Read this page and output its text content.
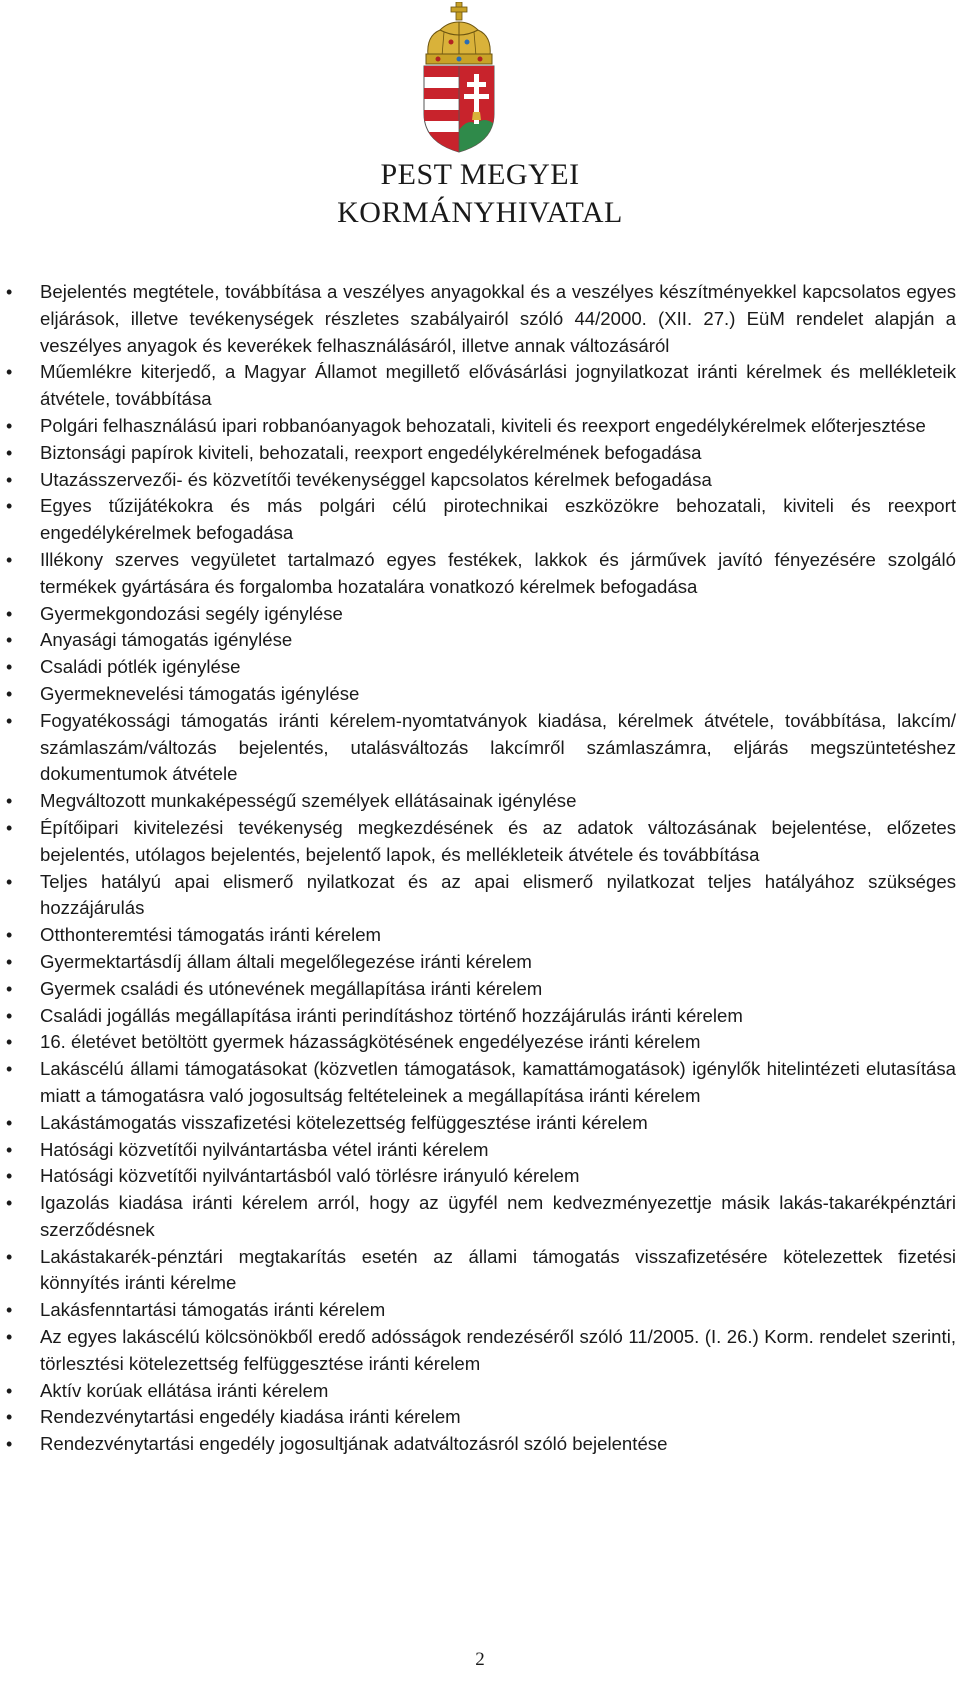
PEST MEGYEI
KORMÁNYHIVATAL
• Bejelentés megtétele, továbbítása a veszélyes anyagokkal és a veszélyes készítményekkel kapcsolatos egyes eljárások, illetve tevékenységek részletes szabályairól szóló 44/2000. (XII. 27.) EüM rendelet alapján a veszélyes anyagok és keverékek felhasználásáról, illetve annak változásáról
• Műemlékre kiterjedő, a Magyar Államot megillető elővásárlási jognyilatkozat iránti kérelmek és mellékleteik átvétele, továbbítása
• Polgári felhasználású ipari robbanóanyagok behozatali, kiviteli és reexport engedélykérelmek előterjesztése
• Biztonsági papírok kiviteli, behozatali, reexport engedélykérelmének befogadása
• Utazásszervezői- és közvetítői tevékenységgel kapcsolatos kérelmek befogadása
• Egyes tűzijátékokra és más polgári célú pirotechnikai eszközökre behozatali, kiviteli és reexport engedélykérelmek befogadása
• Illékony szerves vegyületet tartalmazó egyes festékek, lakkok és járművek javító fényezésére szolgáló termékek gyártására és forgalomba hozatalára vonatkozó kérelmek befogadása
• Gyermekgondozási segély igénylése
• Anyasági támogatás igénylése
• Családi pótlék igénylése
• Gyermeknevelési támogatás igénylése
• Fogyatékossági támogatás iránti kérelem-nyomtatványok kiadása, kérelmek átvétele, továbbítása, lakcím/ számlaszám/változás bejelentés, utalásváltozás lakcímről számlaszámra, eljárás megszüntetéshez dokumentumok átvétele
• Megváltozott munkaképességű személyek ellátásainak igénylése
• Építőipari kivitelezési tevékenység megkezdésének és az adatok változásának bejelentése, előzetes bejelentés, utólagos bejelentés, bejelentő lapok, és mellékleteik átvétele és továbbítása
• Teljes hatályú apai elismerő nyilatkozat és az apai elismerő nyilatkozat teljes hatályához szükséges hozzájárulás
• Otthonteremtési támogatás iránti kérelem
• Gyermektartásdíj állam általi megelőlegezése iránti kérelem
• Gyermek családi és utónevének megállapítása iránti kérelem
• Családi jogállás megállapítása iránti perindításhoz történő hozzájárulás iránti kérelem
• 16. életévet betöltött gyermek házasságkötésének engedélyezése iránti kérelem
• Lakáscélú állami támogatásokat (közvetlen támogatások, kamattámogatások) igénylők hitelintézeti elutasítása miatt a támogatásra való jogosultság feltételeinek a megállapítása iránti kérelem
• Lakástámogatás visszafizetési kötelezettség felfüggesztése iránti kérelem
• Hatósági közvetítői nyilvántartásba vétel iránti kérelem
• Hatósági közvetítői nyilvántartásból való törlésre irányuló kérelem
• Igazolás kiadása iránti kérelem arról, hogy az ügyfél nem kedvezményezettje másik lakás-takarékpénztári szerződésnek
• Lakástakarék-pénztári megtakarítás esetén az állami támogatás visszafizetésére kötelezettek fizetési könnyítés iránti kérelme
• Lakásfenntartási támogatás iránti kérelem
• Az egyes lakáscélú kölcsönökből eredő adósságok rendezéséről szóló 11/2005. (I. 26.) Korm. rendelet szerinti, törlesztési kötelezettség felfüggesztése iránti kérelem
• Aktív korúak ellátása iránti kérelem
• Rendezvénytartási engedély kiadása iránti kérelem
• Rendezvénytartási engedély jogosultjának adatváltozásról szóló bejelentése
2
